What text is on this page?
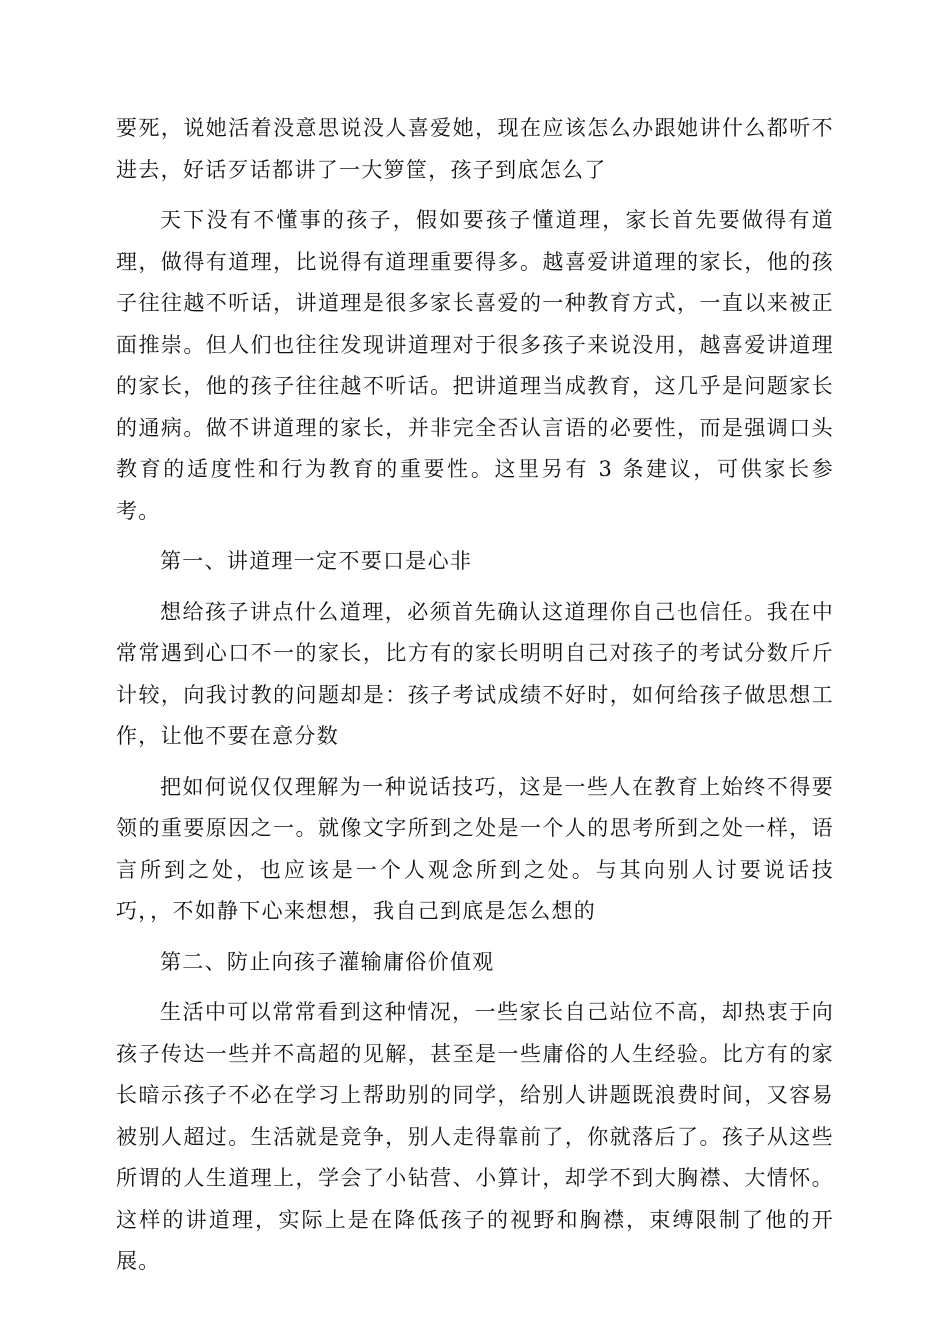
要死，说她活着没意思说没人喜爱她，现在应该怎么办跟她讲什么都听不进去，好话歹话都讲了一大箩筐，孩子到底怎么了

天下没有不懂事的孩子，假如要孩子懂道理，家长首先要做得有道理，做得有道理，比说得有道理重要得多。越喜爱讲道理的家长，他的孩子往往越不听话，讲道理是很多家长喜爱的一种教育方式，一直以来被正面推崇。但人们也往往发现讲道理对于很多孩子来说没用，越喜爱讲道理的家长，他的孩子往往越不听话。把讲道理当成教育，这几乎是问题家长的通病。做不讲道理的家长，并非完全否认言语的必要性，而是强调口头教育的适度性和行为教育的重要性。这里另有 3 条建议，可供家长参考。

第一、讲道理一定不要口是心非

想给孩子讲点什么道理，必须首先确认这道理你自己也信任。我在中常常遇到心口不一的家长，比方有的家长明明自己对孩子的考试分数斤斤计较，向我讨教的问题却是：孩子考试成绩不好时，如何给孩子做思想工作，让他不要在意分数

把如何说仅仅理解为一种说话技巧，这是一些人在教育上始终不得要领的重要原因之一。就像文字所到之处是一个人的思考所到之处一样，语言所到之处，也应该是一个人观念所到之处。与其向别人讨要说话技巧，，不如静下心来想想，我自己到底是怎么想的

第二、防止向孩子灌输庸俗价值观

生活中可以常常看到这种情况，一些家长自己站位不高，却热衷于向孩子传达一些并不高超的见解，甚至是一些庸俗的人生经验。比方有的家长暗示孩子不必在学习上帮助别的同学，给别人讲题既浪费时间，又容易被别人超过。生活就是竞争，别人走得靠前了，你就落后了。孩子从这些所谓的人生道理上，学会了小钻营、小算计，却学不到大胸襟、大情怀。这样的讲道理，实际上是在降低孩子的视野和胸襟，束缚限制了他的开展。
